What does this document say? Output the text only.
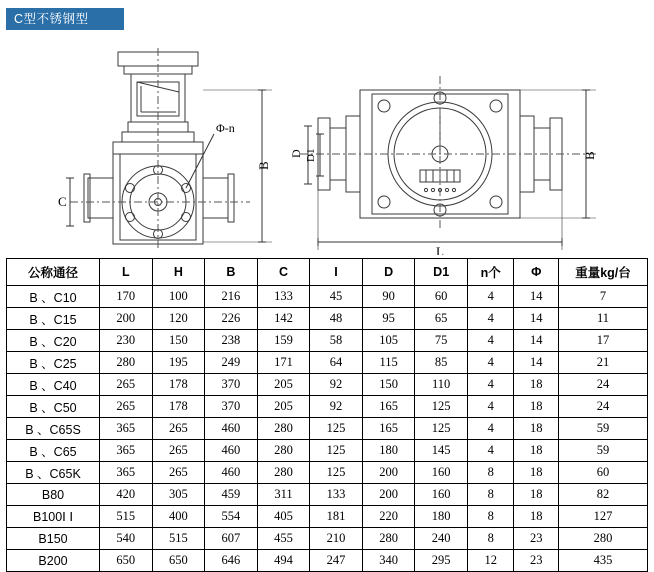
C型不锈钢型
Φ-n
B
C
D D1	B
L
公称通径	L	H	B	C	I	D	D1	n个	Φ	重量kg/台
B 、C10	170	100	216	133	45	90	60	4	14	7
B 、C15	200	120	226	142	48	95	65	4	14	11
B 、C20	230	150	238	159	58	105	75	4	14	17
B 、C25	280	195	249	171	64	115	85	4	14	21
B 、C40	265	178	370	205	92	150	110	4	18	24
B 、C50	265	178	370	205	92	165	125	4	18	24
B 、C65S	365	265	460	280	125	165	125	4	18	59
B 、C65	365	265	460	280	125	180	145	4	18	59
B 、C65K	365	265	460	280	125	200	160	8	18	60
B80	420	305	459	311	133	200	160	8	18	82
B100Ⅰ Ⅰ	515	400	554	405	181	220	180	8	18	127
B150	540	515	607	455	210	280	240	8	23	280
B200	650	650	646	494	247	340	295	12	23	435
